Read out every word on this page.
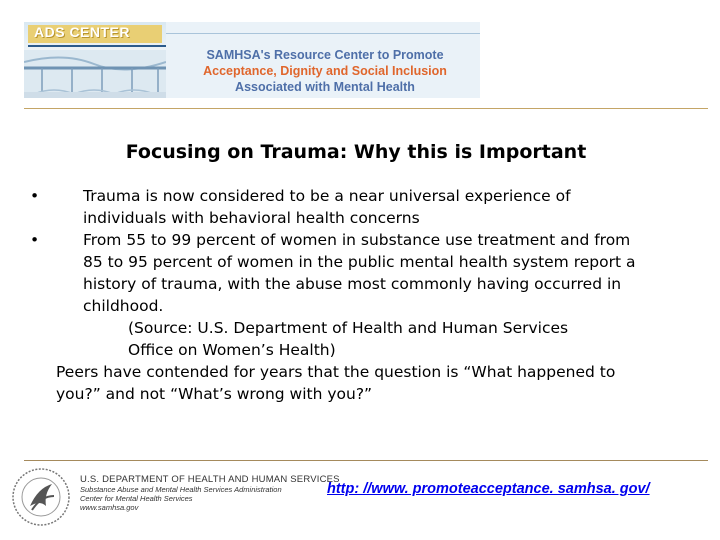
ADS CENTER
SAMHSA's Resource Center to Promote
Acceptance, Dignity and Social Inclusion
Associated with Mental Health
Focusing on Trauma: Why this is Important
•	Trauma is now considered to be a near universal experience of
individuals with behavioral health concerns
•	From 55 to 99 percent of women in substance use treatment and from
85 to 95 percent of women in the public mental health system report a
history of trauma, with the abuse most commonly having occurred in
childhood.
(Source: U.S. Department of Health and Human Services
Office on Women’s Health)
Peers have contended for years that the question is “What happened to
you?” and not “What’s wrong with you?”
U.S. DEPARTMENT OF HEALTH AND HUMAN SERVICES
Substance Abuse and Mental Health Services Administration
Center for Mental Health Services
www.samhsa.gov
http: //www. promoteacceptance. samhsa. gov/
